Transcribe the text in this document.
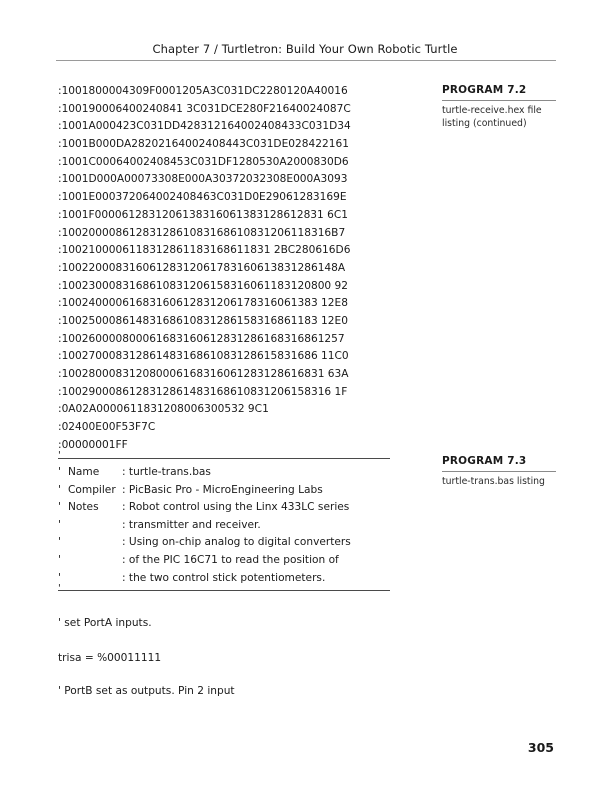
Chapter 7 / Turtletron: Build Your Own Robotic Turtle
:1001800004309F0001205A3C031DC2280120A40016
:100190006400240841 3C031DCE280F21640024087C
:1001A000423C031DD428312164002408433C031D34
:1001B000DA28202164002408443C031DE028422161
:1001C00064002408453C031DF1280530A2000830D6
:1001D000A00073308E000A30372032308E000A3093
:1001E000372064002408463C031D0E29061283169E
:1001F0000612831206138316061383128612831 6C1
:1002000086128312861083168610831206118316B7
:1002100006118312861183168611831 2BC280616D6
:10022000831606128312061783160613831286148A
:1002300083168610831206158316061183120800 92
:10024000061683160612831206178316061383 12E8
:10025000861483168610831286158316861183 12E0
:100260000800061683160612831286168316861257
:10027000831286148316861083128615831686 11C0
:100280008312080006168316061283128616831 63A
:1002900086128312861483168610831206158316 1F
:0A02A0000611831208006300532 9C1
:02400E00F53F7C
:00000001FF
PROGRAM 7.2
turtle-receive.hex file listing (continued)
PROGRAM 7.3
turtle-trans.bas listing
'
' Name : turtle-trans.bas
' Compiler : PicBasic Pro - MicroEngineering Labs
' Notes : Robot control using the Linx 433LC series
'	: transmitter and receiver.
'	: Using on-chip analog to digital converters
'	: of the PIC 16C71 to read the position of
'	: the two control stick potentiometers.
'
' set PortA inputs.
trisa = %00011111
' PortB set as outputs. Pin 2 input
305
